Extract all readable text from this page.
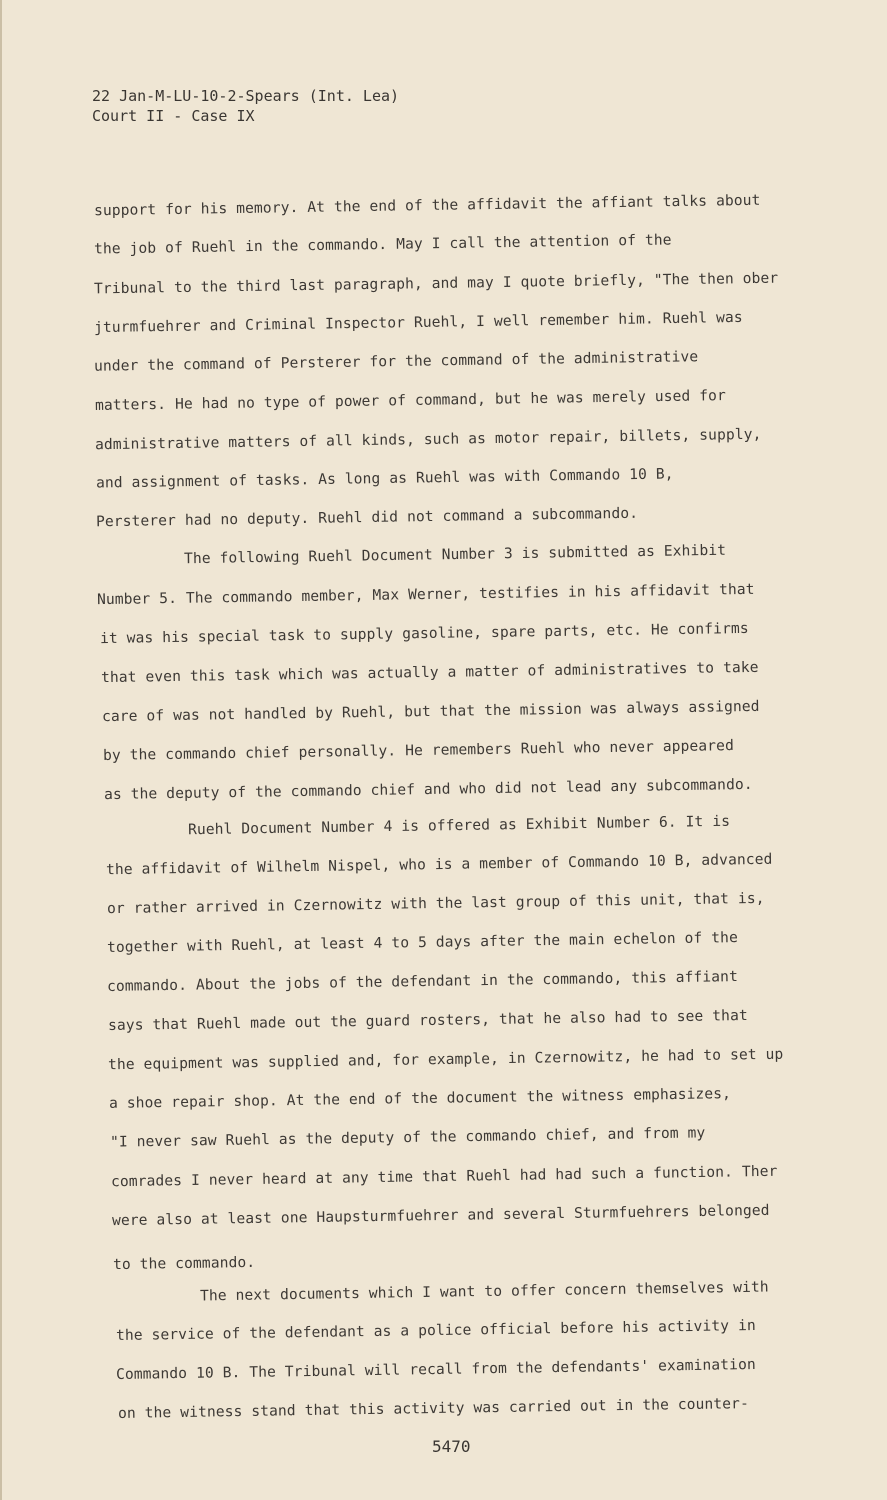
22 Jan-M-LU-10-2-Spears (Int. Lea)
Court II - Case IX
support for his memory. At the end of the affidavit the affiant talks about
the job of Ruehl in the commando. May I call the attention of the
Tribunal to the third last paragraph, and may I quote briefly, "The then ober
jturmfuehrer and Criminal Inspector Ruehl, I well remember him. Ruehl was
under the command of Persterer for the command of the administrative
matters. He had no type of power of command, but he was merely used for
administrative matters of all kinds, such as motor repair, billets, supply,
and assignment of tasks. As long as Ruehl was with Commando 10 B,
Persterer had no deputy. Ruehl did not command a subcommando.
The following Ruehl Document Number 3 is submitted as Exhibit
Number 5. The commando member, Max Werner, testifies in his affidavit that
it was his special task to supply gasoline, spare parts, etc. He confirms
that even this task which was actually a matter of administratives to take
care of was not handled by Ruehl, but that the mission was always assigned
by the commando chief personally. He remembers Ruehl who never appeared
as the deputy of the commando chief and who did not lead any subcommando.
Ruehl Document Number 4 is offered as Exhibit Number 6. It is
the affidavit of Wilhelm Nispel, who is a member of Commando 10 B, advanced
or rather arrived in Czernowitz with the last group of this unit, that is,
together with Ruehl, at least 4 to 5 days after the main echelon of the
commando. About the jobs of the defendant in the commando, this affiant
says that Ruehl made out the guard rosters, that he also had to see that
the equipment was supplied and, for example, in Czernowitz, he had to set up
a shoe repair shop. At the end of the document the witness emphasizes,
"I never saw Ruehl as the deputy of the commando chief, and from my
comrades I never heard at any time that Ruehl had had such a function. Ther
were also at least one Haupsturmfuehrer and several Sturmfuehrers belonged
to the commando.
The next documents which I want to offer concern themselves with
the service of the defendant as a police official before his activity in
Commando 10 B. The Tribunal will recall from the defendants' examination
on the witness stand that this activity was carried out in the counter-
5470
